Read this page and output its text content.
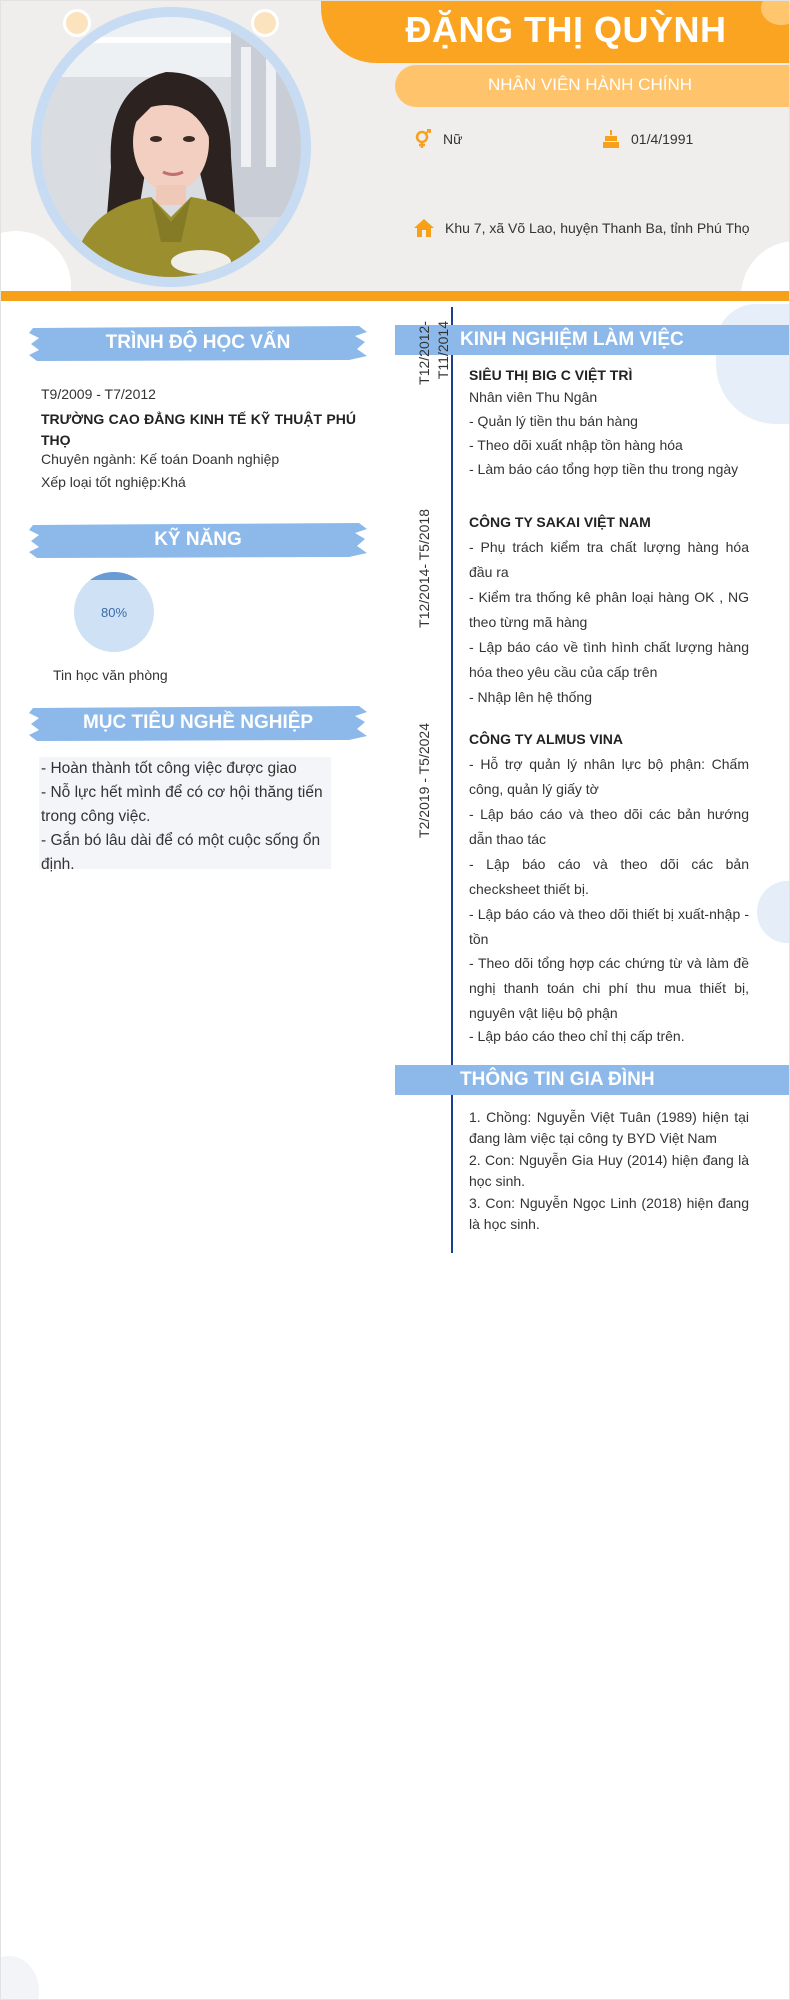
ĐẶNG THỊ QUỲNH
NHÂN VIÊN HÀNH CHÍNH
Nữ	01/4/1991
Khu 7, xã Võ Lao, huyện Thanh Ba, tỉnh Phú Thọ
TRÌNH ĐỘ HỌC VẤN
T9/2009 - T7/2012
TRƯỜNG CAO ĐẲNG KINH TẾ KỸ THUẬT PHÚ THỌ
Chuyên ngành: Kế toán Doanh nghiệp
Xếp loại tốt nghiệp:Khá
KỸ NĂNG
80%
Tin học văn phòng
MỤC TIÊU NGHỀ NGHIỆP
- Hoàn thành tốt công việc được giao
- Nỗ lực hết mình để có cơ hội thăng tiến trong công việc.
- Gắn bó lâu dài để có một cuộc sống ổn định.
KINH NGHIỆM LÀM VIỆC
T12/2012- T11/2014 SIÊU THỊ BIG C VIỆT TRÌ
Nhân viên Thu Ngân
- Quản lý tiền thu bán hàng
- Theo dõi xuất nhập tồn hàng hóa
- Làm báo cáo tổng hợp tiền thu trong ngày
T12/2014- T5/2018	CÔNG TY SAKAI VIỆT NAM
- Phụ trách kiểm tra chất lượng hàng hóa đầu ra
- Kiểm tra thống kê phân loại hàng OK , NG theo từng mã hàng
- Lập báo cáo về tình hình chất lượng hàng hóa theo yêu cầu của cấp trên
- Nhập lên hệ thống
T2/2019 - T5/2024	CÔNG TY ALMUS VINA
- Hỗ trợ quản lý nhân lực bộ phận: Chấm công, quản lý giấy tờ
- Lập báo cáo và theo dõi các bản hướng dẫn thao tác
- Lập báo cáo và theo dõi các bản checksheet thiết bị.
- Lập báo cáo và theo dõi thiết bị xuất-nhập - tồn
- Theo dõi tổng hợp các chứng từ và làm đề nghị thanh toán chi phí thu mua thiết bị, nguyên vật liệu bộ phận
- Lập báo cáo theo chỉ thị cấp trên.
THÔNG TIN GIA ĐÌNH
1. Chồng: Nguyễn Việt Tuân (1989) hiện tại đang làm việc tại công ty BYD Việt Nam
2. Con: Nguyễn Gia Huy (2014) hiện đang là học sinh.
3. Con: Nguyễn Ngọc Linh (2018) hiện đang là học sinh.
